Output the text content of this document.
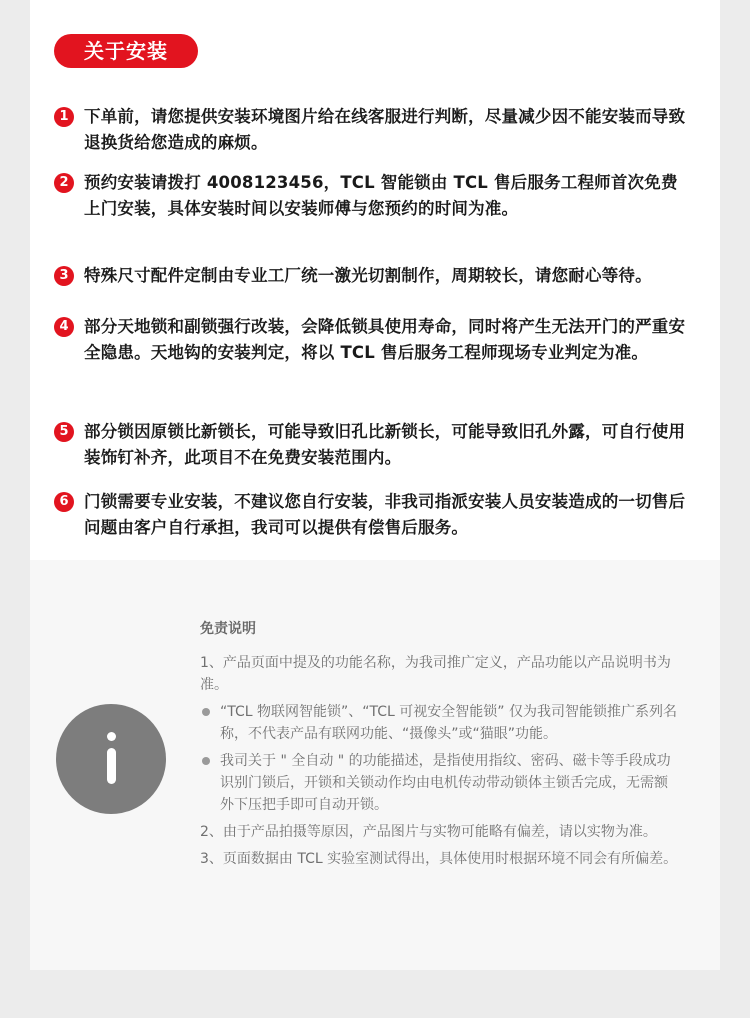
关于安装
1 下单前，请您提供安装环境图片给在线客服进行判断，尽量减少因不能安装而导致退换货给您造成的麻烦。
2 预约安装请拨打 4008123456，TCL 智能锁由 TCL 售后服务工程师首次免费上门安装，具体安装时间以安装师傅与您预约的时间为准。
3 特殊尺寸配件定制由专业工厂统一激光切割制作，周期较长，请您耐心等待。
4 部分天地锁和副锁强行改装，会降低锁具使用寿命，同时将产生无法开门的严重安全隐患。天地钩的安装判定，将以 TCL 售后服务工程师现场专业判定为准。
5 部分锁因原锁比新锁长，可能导致旧孔比新锁长，可能导致旧孔外露，可自行使用装饰钉补齐，此项目不在免费安装范围内。
6 门锁需要专业安装，不建议您自行安装，非我司指派安装人员安装造成的一切售后问题由客户自行承担，我司可以提供有偿售后服务。
免责说明

1、产品页面中提及的功能名称，为我司推广定义，产品功能以产品说明书为准。

“TCL 物联网智能锁”、“TCL 可视安全智能锁” 仅为我司智能锁推广系列名称，不代表产品有联网功能、“摄像头”或“猫眼”功能。
我司关于 " 全自动 " 的功能描述，是指使用指纹、密码、磁卡等手段成功识别门锁后，开锁和关锁动作均由电机传动带动锁体主锁舌完成，无需额外下压把手即可自动开锁。

2、由于产品拍摄等原因，产品图片与实物可能略有偏差，请以实物为准。

3、页面数据由 TCL 实验室测试得出，具体使用时根据环境不同会有所偏差。
